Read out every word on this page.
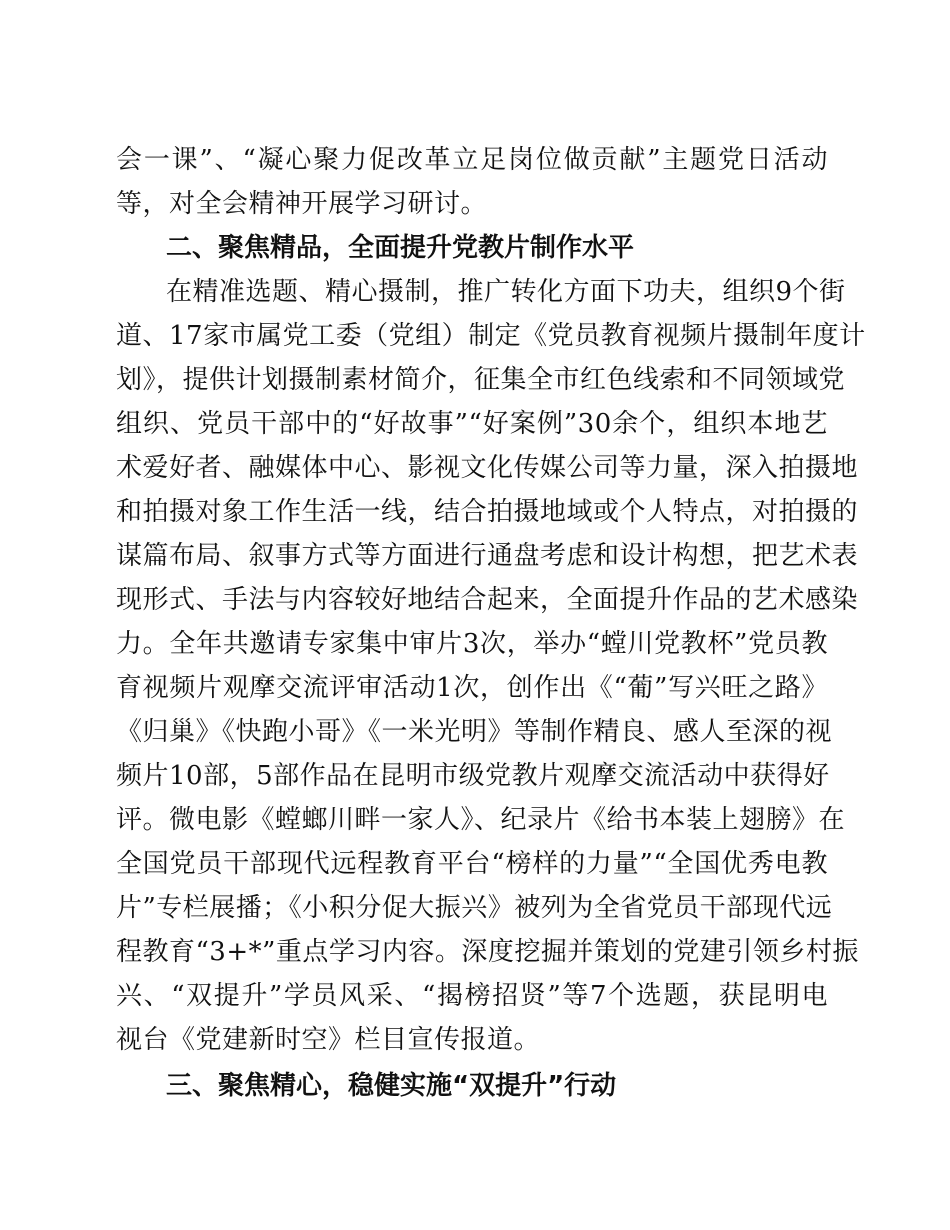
会一课”、“凝心聚力促改革立足岗位做贡献”主题党日活动
等，对全会精神开展学习研讨。
二、聚焦精品，全面提升党教片制作水平
在精准选题、精心摄制，推广转化方面下功夫，组织9个街
道、17家市属党工委（党组）制定《党员教育视频片摄制年度计
划》，提供计划摄制素材简介，征集全市红色线索和不同领域党
组织、党员干部中的“好故事”“好案例”30余个，组织本地艺
术爱好者、融媒体中心、影视文化传媒公司等力量，深入拍摄地
和拍摄对象工作生活一线，结合拍摄地域或个人特点，对拍摄的
谋篇布局、叙事方式等方面进行通盘考虑和设计构想，把艺术表
现形式、手法与内容较好地结合起来，全面提升作品的艺术感染
力。全年共邀请专家集中审片3次，举办“螳川党教杯”党员教
育视频片观摩交流评审活动1次，创作出《“葡”写兴旺之路》
《归巢》《快跑小哥》《一米光明》等制作精良、感人至深的视
频片10部，5部作品在昆明市级党教片观摩交流活动中获得好
评。微电影《螳螂川畔一家人》、纪录片《给书本装上翅膀》在
全国党员干部现代远程教育平台“榜样的力量”“全国优秀电教
片”专栏展播；《小积分促大振兴》被列为全省党员干部现代远
程教育“3+*”重点学习内容。深度挖掘并策划的党建引领乡村振
兴、“双提升”学员风采、“揭榜招贤”等7个选题，获昆明电
视台《党建新时空》栏目宣传报道。
三、聚焦精心，稳健实施“双提升”行动
